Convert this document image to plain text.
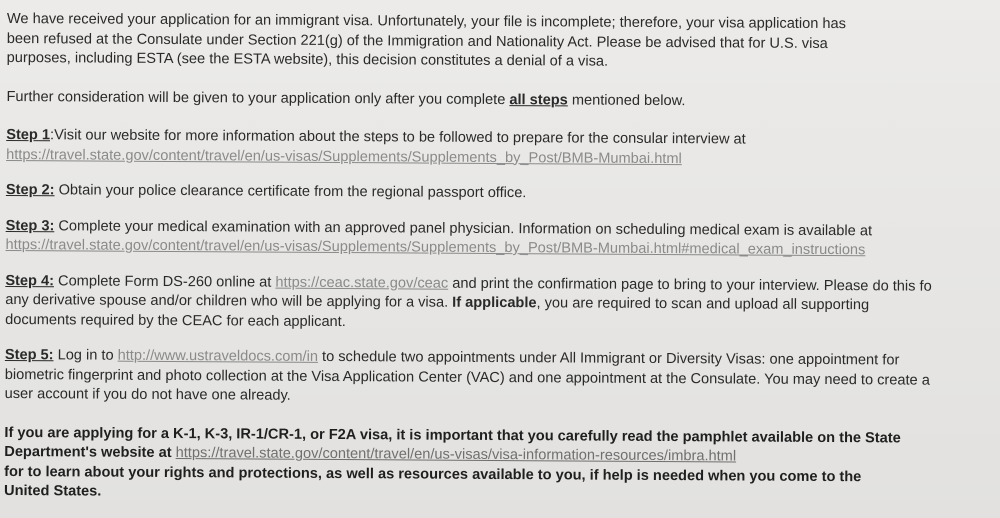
We have received your application for an immigrant visa. Unfortunately, your file is incomplete; therefore, your visa application has

been refused at the Consulate under Section 221(g) of the Immigration and Nationality Act. Please be advised that for U.S. visa

purposes, including ESTA (see the ESTA website), this decision constitutes a denial of a visa.

Further consideration will be given to your application only after you complete all steps mentioned below.

Step 1:Visit our website for more information about the steps to be followed to prepare for the consular interview at

https://travel.state.gov/content/travel/en/us-visas/Supplements/Supplements_by_Post/BMB-Mumbai.html

Step 2: Obtain your police clearance certificate from the regional passport office.

Step 3: Complete your medical examination with an approved panel physician. Information on scheduling medical exam is available at

https://travel.state.gov/content/travel/en/us-visas/Supplements/Supplements_by_Post/BMB-Mumbai.html#medical_exam_instructions

Step 4: Complete Form DS-260 online at https://ceac.state.gov/ceac and print the confirmation page to bring to your interview. Please do this fo

any derivative spouse and/or children who will be applying for a visa. If applicable, you are required to scan and upload all supporting

documents required by the CEAC for each applicant.

Step 5: Log in to http://www.ustraveldocs.com/in to schedule two appointments under All Immigrant or Diversity Visas: one appointment for

biometric fingerprint and photo collection at the Visa Application Center (VAC) and one appointment at the Consulate. You may need to create a

user account if you do not have one already.

If you are applying for a K-1, K-3, IR-1/CR-1, or F2A visa, it is important that you carefully read the pamphlet available on the State

Department's website at https://travel.state.gov/content/travel/en/us-visas/visa-information-resources/imbra.html

for to learn about your rights and protections, as well as resources available to you, if help is needed when you come to the

United States.
